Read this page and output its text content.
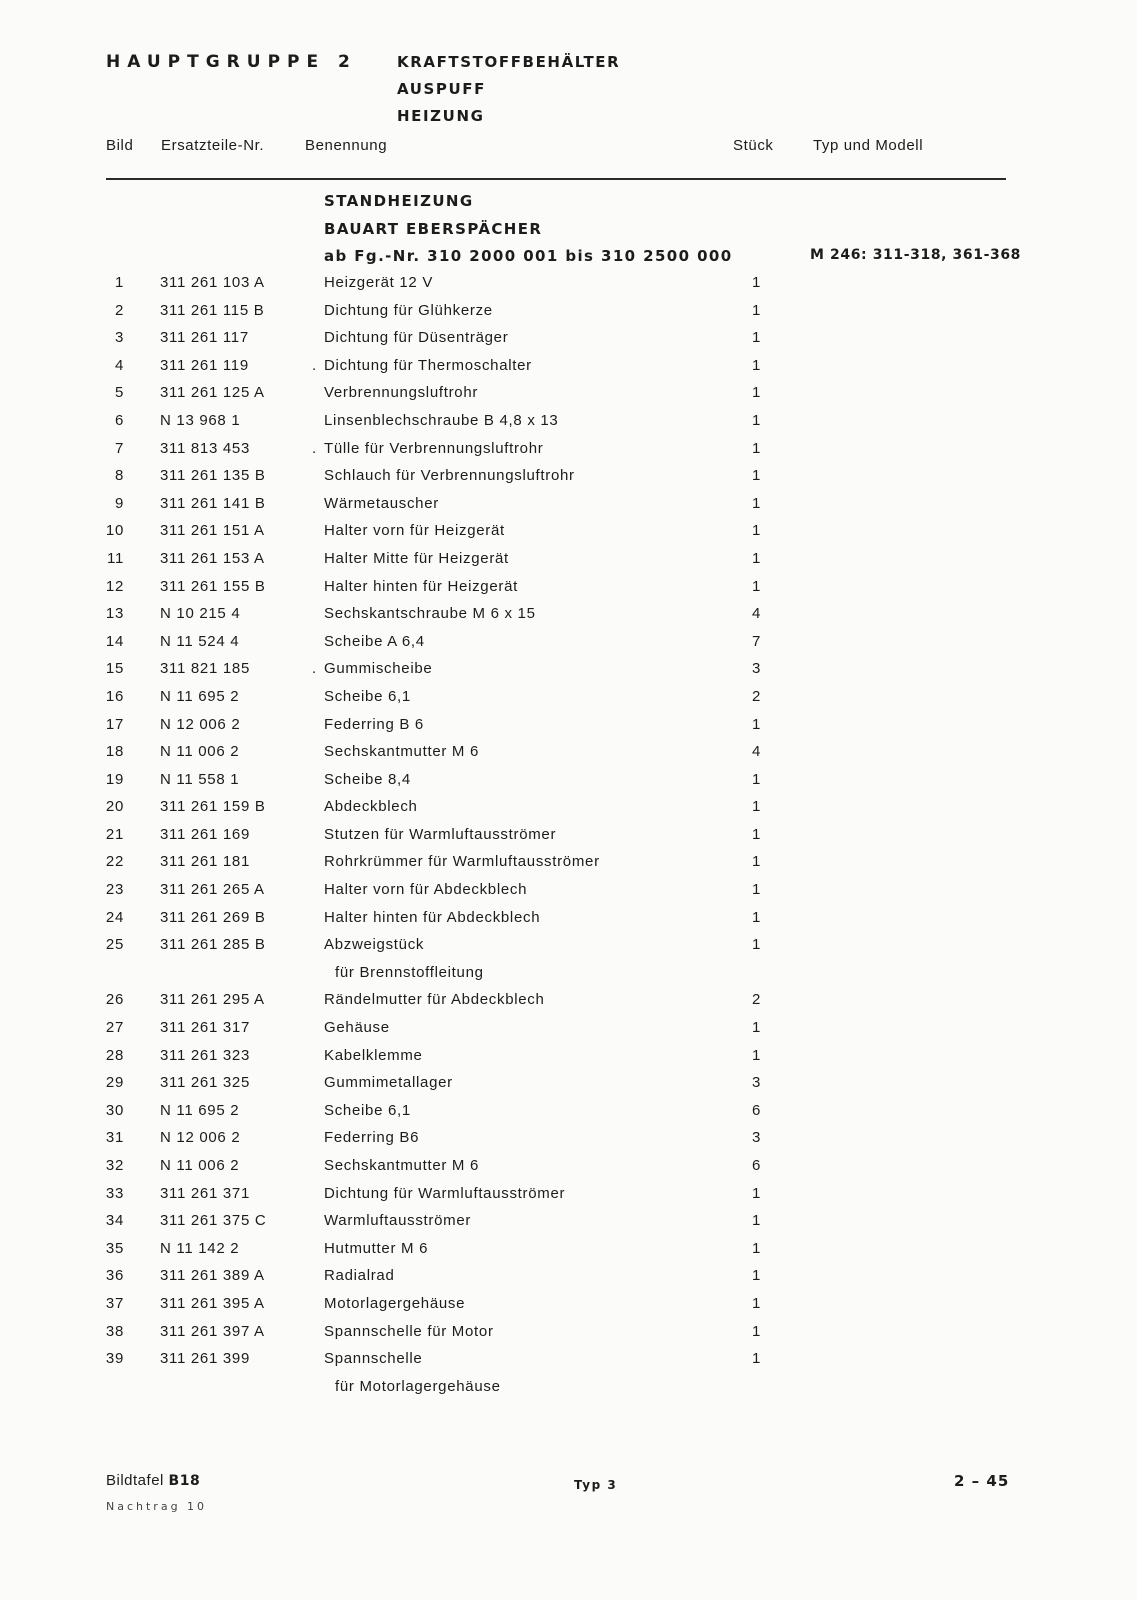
HAUPTGRUPPE 2	KRAFTSTOFFBEHÄLTER
AUSPUFF
HEIZUNG
Bild Ersatzteile-Nr.	Benennung	Stück	Typ und Modell
STANDHEIZUNG
BAUART EBERSPÄCHER
ab Fg.-Nr. 310 2000 001 bis 310 2500 000	M 246: 311-318, 361-368
1 311 261 103 A	Heizgerät 12 V	1
2 311 261 115 B	Dichtung für Glühkerze	1
3 311 261 117	Dichtung für Düsenträger	1
4 311 261 119	. Dichtung für Thermoschalter	1
5 311 261 125 A	Verbrennungsluftrohr	1
6 N 13 968 1	Linsenblechschraube B 4,8 x 13	1
7 311 813 453	. Tülle für Verbrennungsluftrohr	1
8 311 261 135 B	Schlauch für Verbrennungsluftrohr	1
9 311 261 141 B	Wärmetauscher	1
10 311 261 151 A	Halter vorn für Heizgerät	1
11 311 261 153 A	Halter Mitte für Heizgerät	1
12 311 261 155 B	Halter hinten für Heizgerät	1
13 N 10 215 4	Sechskantschraube M 6 x 15	4
14 N 11 524 4	Scheibe A 6,4	7
15 311 821 185	. Gummischeibe	3
16 N 11 695 2	Scheibe 6,1	2
17 N 12 006 2	Federring B 6	1
18 N 11 006 2	Sechskantmutter M 6	4
19 N 11 558 1	Scheibe 8,4	1
20 311 261 159 B	Abdeckblech	1
21 311 261 169	Stutzen für Warmluftausströmer	1
22 311 261 181	Rohrkrümmer für Warmluftausströmer	1
23 311 261 265 A	Halter vorn für Abdeckblech	1
24 311 261 269 B	Halter hinten für Abdeckblech	1
25 311 261 285 B	Abzweigstück	1
für Brennstoffleitung
26 311 261 295 A	Rändelmutter für Abdeckblech	2
27 311 261 317	Gehäuse	1
28 311 261 323	Kabelklemme	1
29 311 261 325	Gummimetallager	3
30 N 11 695 2	Scheibe 6,1	6
31 N 12 006 2	Federring B6	3
32 N 11 006 2	Sechskantmutter M 6	6
33 311 261 371	Dichtung für Warmluftausströmer	1
34 311 261 375 C	Warmluftausströmer	1
35 N 11 142 2	Hutmutter M 6	1
36 311 261 389 A	Radialrad	1
37 311 261 395 A	Motorlagergehäuse	1
38 311 261 397 A	Spannschelle für Motor	1
39 311 261 399	Spannschelle	1
für Motorlagergehäuse
Bildtafel B18	Typ 3	2 – 45
Nachtrag 10
